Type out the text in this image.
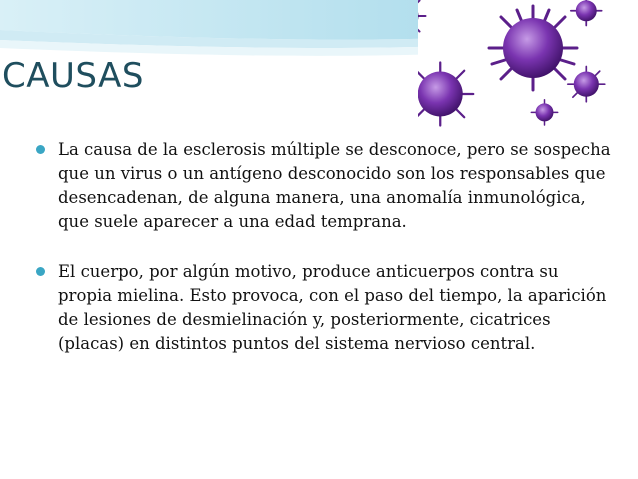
CAUSAS
La causa de la esclerosis múltiple se desconoce, pero se sospecha que un virus o un antígeno desconocido son los responsables que desencadenan, de alguna manera, una anomalía inmunológica, que suele aparecer a una edad temprana.
El cuerpo, por algún motivo, produce anticuerpos contra su propia mielina. Esto provoca, con el paso del tiempo, la aparición de lesiones de desmielinación y, posteriormente, cicatrices (placas) en distintos puntos del sistema nervioso central.
